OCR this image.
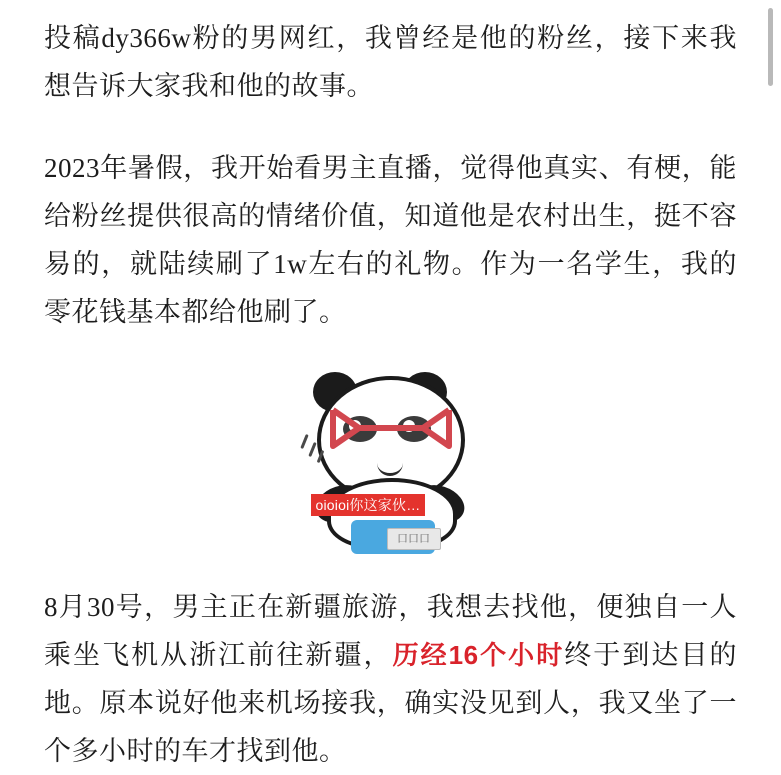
投稿dy366w粉的男网红，我曾经是他的粉丝，接下来我想告诉大家我和他的故事。

2023年暑假，我开始看男主直播，觉得他真实、有梗，能给粉丝提供很高的情绪价值，知道他是农村出生，挺不容易的，就陆续刷了1w左右的礼物。作为一名学生，我的零花钱基本都给他刷了。

口口口
oioioi你这家伙…

8月30号，男主正在新疆旅游，我想去找他，便独自一人乘坐飞机从浙江前往新疆，历经16个小时终于到达目的地。原本说好他来机场接我，确实没见到人，我又坐了一个多小时的车才找到他。
